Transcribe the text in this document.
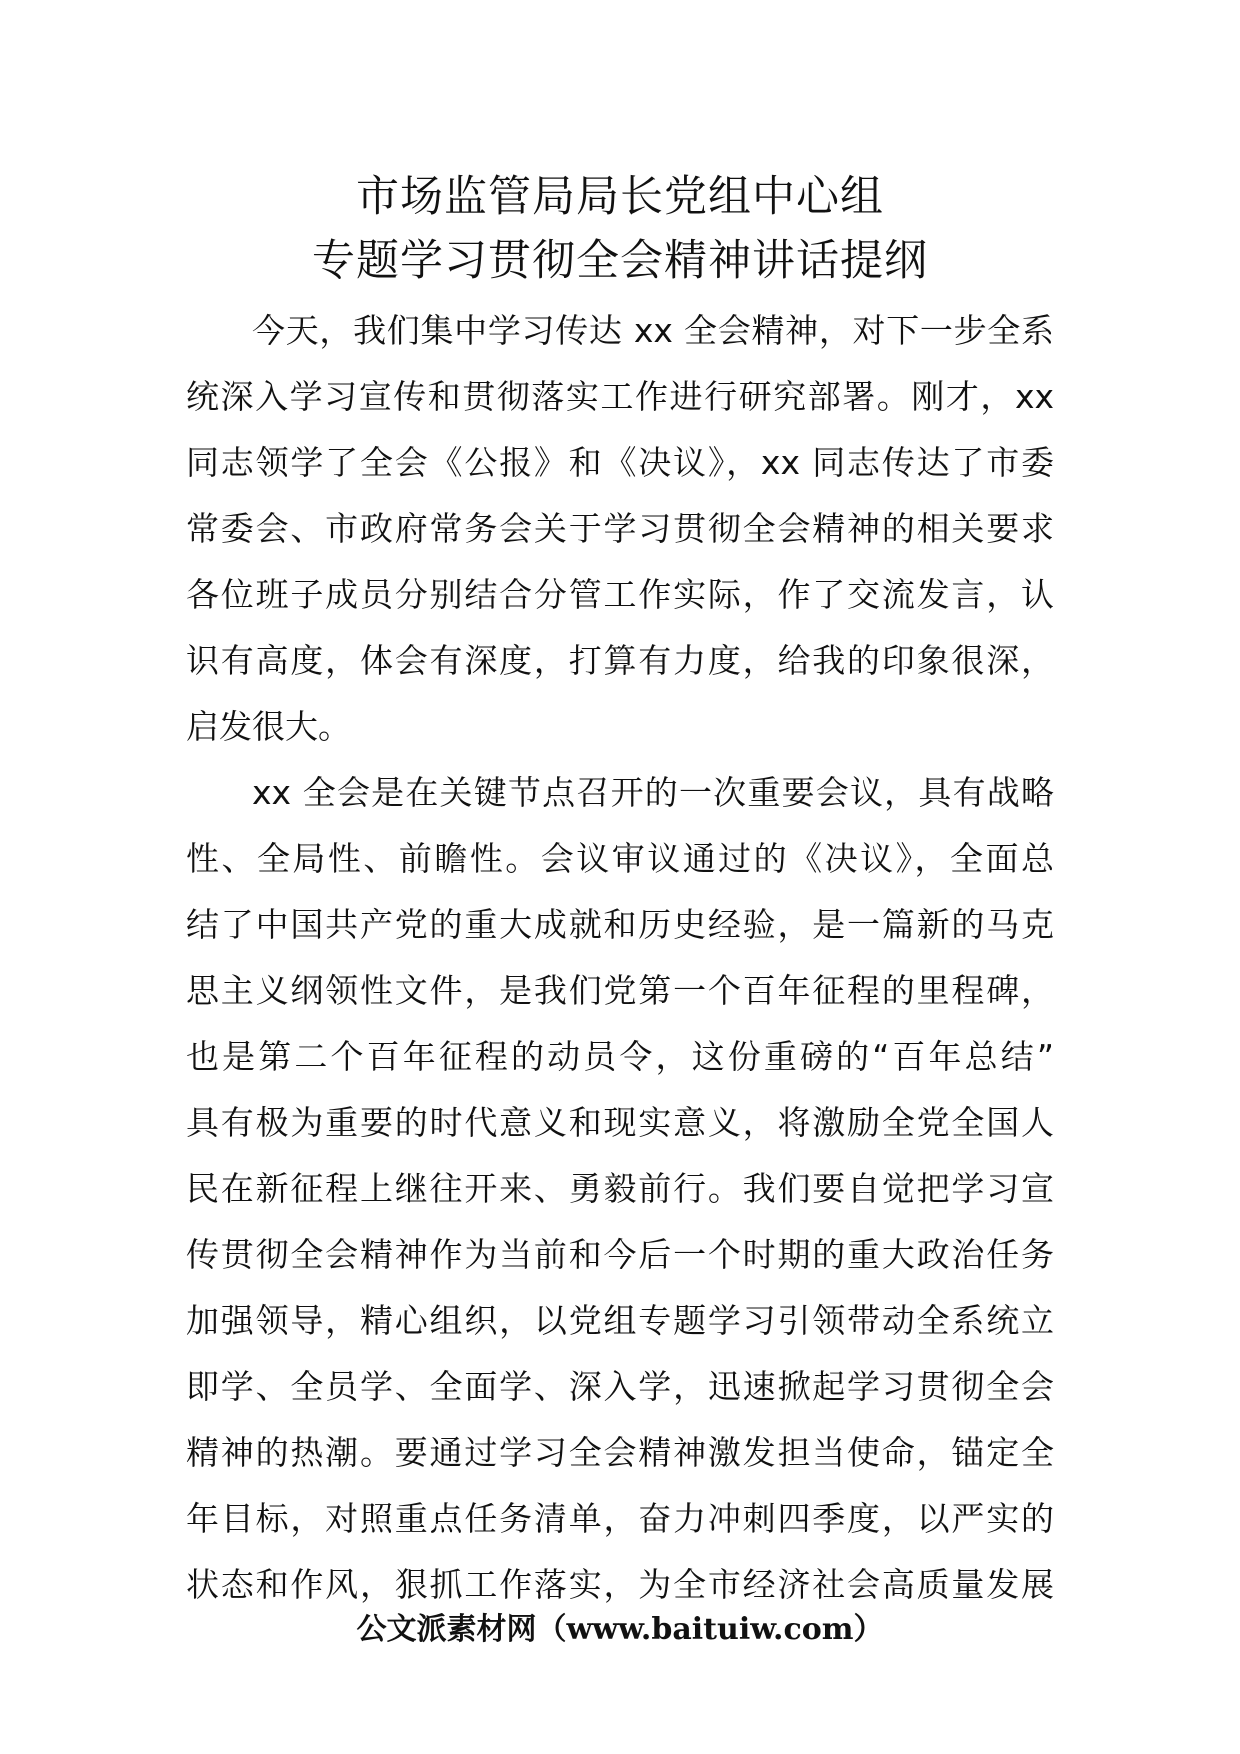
市场监管局局长党组中心组
专题学习贯彻全会精神讲话提纲
今天，我们集中学习传达 xx 全会精神，对下一步全系
统深入学习宣传和贯彻落实工作进行研究部署。刚才，xx
同志领学了全会《公报》和《决议》，xx 同志传达了市委
常委会、市政府常务会关于学习贯彻全会精神的相关要求
各位班子成员分别结合分管工作实际，作了交流发言，认
识有高度，体会有深度，打算有力度，给我的印象很深，
启发很大。
xx 全会是在关键节点召开的一次重要会议，具有战略
性、全局性、前瞻性。会议审议通过的《决议》，全面总
结了中国共产党的重大成就和历史经验，是一篇新的马克
思主义纲领性文件，是我们党第一个百年征程的里程碑，
也是第二个百年征程的动员令，这份重磅的“百年总结”
具有极为重要的时代意义和现实意义，将激励全党全国人
民在新征程上继往开来、勇毅前行。我们要自觉把学习宣
传贯彻全会精神作为当前和今后一个时期的重大政治任务
加强领导，精心组织，以党组专题学习引领带动全系统立
即学、全员学、全面学、深入学，迅速掀起学习贯彻全会
精神的热潮。要通过学习全会精神激发担当使命，锚定全
年目标，对照重点任务清单，奋力冲刺四季度，以严实的
状态和作风，狠抓工作落实，为全市经济社会高质量发展
公文派素材网（www.baituiw.com）
